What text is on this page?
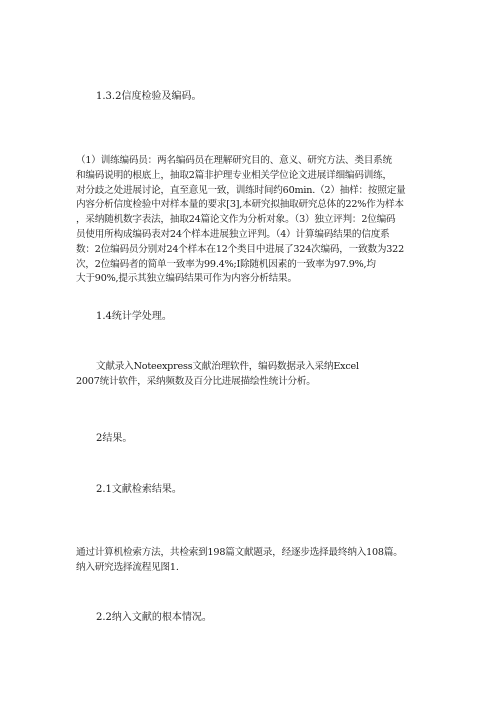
1.3.2信度检验及编码。
（1）训练编码员：两名编码员在理解研究目的、意义、研究方法、类目系统
和编码说明的根底上，抽取2篇非护理专业相关学位论文进展详细编码训练，
对分歧之处进展讨论，直至意见一致，训练时间约60min.（2）抽样：按照定量
内容分析信度检验中对样本量的要求[3],本研究拟抽取研究总体的22%作为样本
，采纳随机数字表法，抽取24篇论文作为分析对象。（3）独立评判：2位编码
员使用所构成编码表对24个样本进展独立评判。（4）计算编码结果的信度系
数：2位编码员分别对24个样本在12个类目中进展了324次编码，一致数为322
次，2位编码者的简单一致率为99.4%;Ⅰ除随机因素的一致率为97.9%,均
大于90%,提示其独立编码结果可作为内容分析结果。
1.4统计学处理。
文献录入Noteexpress文献治理软件，编码数据录入采纳Excel
2007统计软件，采纳频数及百分比进展描绘性统计分析。
2结果。
2.1文献检索结果。
通过计算机检索方法，共检索到198篇文献题录，经逐步选择最终纳入108篇。
纳入研究选择流程见图1.
2.2纳入文献的根本情况。
